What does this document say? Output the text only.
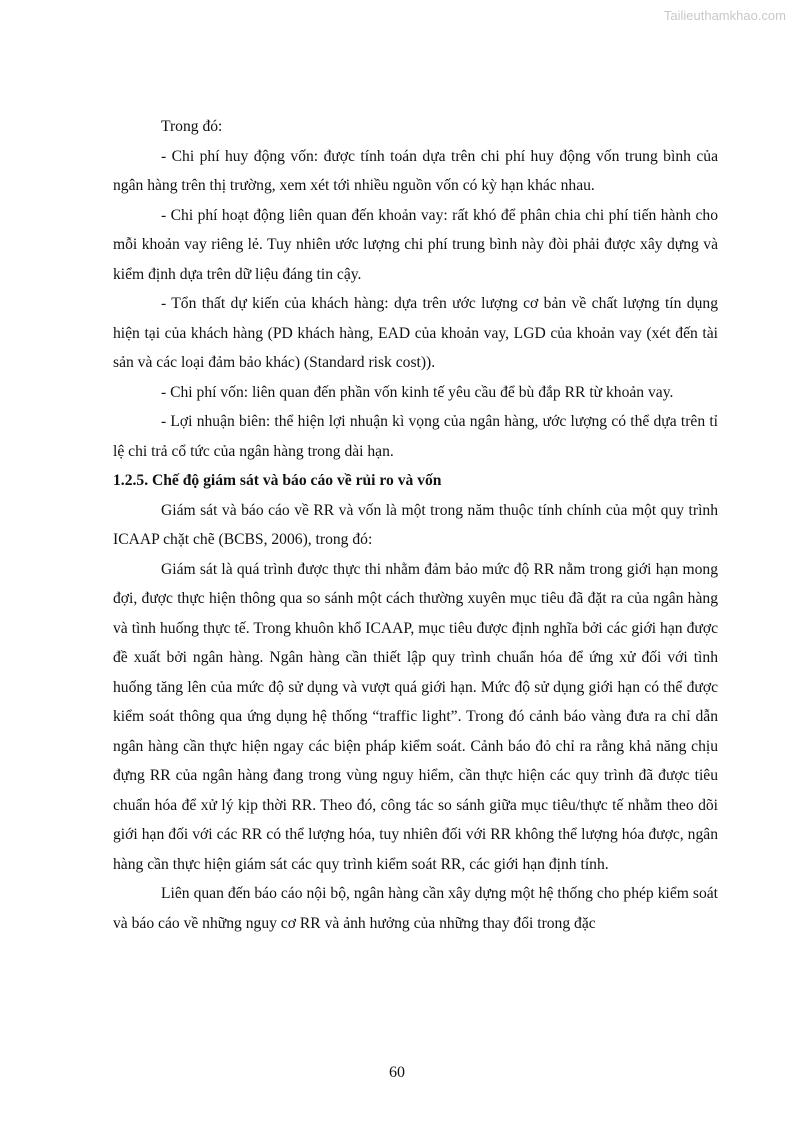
Tailieuthamkhao.com

Trong đó:

- Chi phí huy động vốn: được tính toán dựa trên chi phí huy động vốn trung bình của ngân hàng trên thị trường, xem xét tới nhiều nguồn vốn có kỳ hạn khác nhau.

- Chi phí hoạt động liên quan đến khoản vay: rất khó để phân chia chi phí tiến hành cho mỗi khoản vay riêng lẻ. Tuy nhiên ước lượng chi phí trung bình này đòi phải được xây dựng và kiểm định dựa trên dữ liệu đáng tin cậy.

- Tổn thất dự kiến của khách hàng: dựa trên ước lượng cơ bản về chất lượng tín dụng hiện tại của khách hàng (PD khách hàng, EAD của khoản vay, LGD của khoản vay (xét đến tài sản và các loại đảm bảo khác) (Standard risk cost)).

- Chi phí vốn: liên quan đến phần vốn kinh tế yêu cầu để bù đắp RR từ khoản vay.

- Lợi nhuận biên: thể hiện lợi nhuận kì vọng của ngân hàng, ước lượng có thể dựa trên tỉ lệ chi trả cổ tức của ngân hàng trong dài hạn.

1.2.5. Chế độ giám sát và báo cáo về rủi ro và vốn

Giám sát và báo cáo về RR và vốn là một trong năm thuộc tính chính của một quy trình ICAAP chặt chẽ (BCBS, 2006), trong đó:

Giám sát là quá trình được thực thi nhằm đảm bảo mức độ RR nằm trong giới hạn mong đợi, được thực hiện thông qua so sánh một cách thường xuyên mục tiêu đã đặt ra của ngân hàng và tình huống thực tế. Trong khuôn khổ ICAAP, mục tiêu được định nghĩa bởi các giới hạn được đề xuất bởi ngân hàng. Ngân hàng cần thiết lập quy trình chuẩn hóa để ứng xử đối với tình huống tăng lên của mức độ sử dụng và vượt quá giới hạn. Mức độ sử dụng giới hạn có thể được kiểm soát thông qua ứng dụng hệ thống “traffic light”. Trong đó cảnh báo vàng đưa ra chỉ dẫn ngân hàng cần thực hiện ngay các biện pháp kiểm soát. Cảnh báo đỏ chỉ ra rằng khả năng chịu đựng RR của ngân hàng đang trong vùng nguy hiểm, cần thực hiện các quy trình đã được tiêu chuẩn hóa để xử lý kịp thời RR. Theo đó, công tác so sánh giữa mục tiêu/thực tế nhằm theo dõi giới hạn đối với các RR có thể lượng hóa, tuy nhiên đối với RR không thể lượng hóa được, ngân hàng cần thực hiện giám sát các quy trình kiểm soát RR, các giới hạn định tính.

Liên quan đến báo cáo nội bộ, ngân hàng cần xây dựng một hệ thống cho phép kiểm soát và báo cáo về những nguy cơ RR và ảnh hưởng của những thay đổi trong đặc

60
